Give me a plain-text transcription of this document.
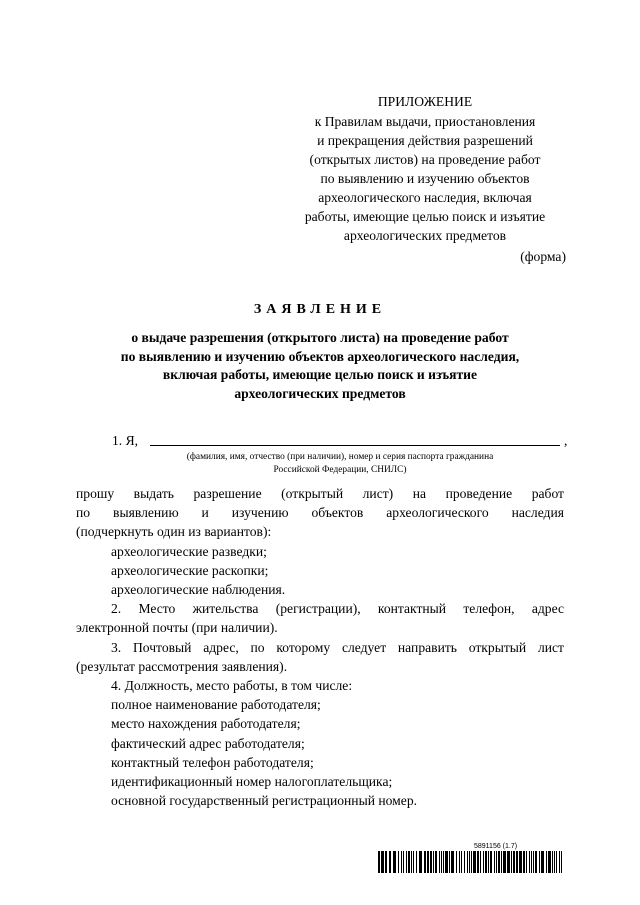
ПРИЛОЖЕНИЕ
к Правилам выдачи, приостановления
и прекращения действия разрешений
(открытых листов) на проведение работ
по выявлению и изучению объектов
археологического наследия, включая
работы, имеющие целью поиск и изъятие
археологических предметов
(форма)
ЗАЯВЛЕНИЕ
о выдаче разрешения (открытого листа) на проведение работ
по выявлению и изучению объектов археологического наследия,
включая работы, имеющие целью поиск и изъятие
археологических предметов
1. Я,	,
(фамилия, имя, отчество (при наличии), номер и серия паспорта гражданина
Российской Федерации, СНИЛС)
прошу выдать разрешение (открытый лист) на проведение работ
по выявлению и изучению объектов археологического наследия
(подчеркнуть один из вариантов):
археологические разведки;
археологические раскопки;
археологические наблюдения.
2. Место жительства (регистрации), контактный телефон, адрес
электронной почты (при наличии).
3. Почтовый адрес, по которому следует направить открытый лист
(результат рассмотрения заявления).
4. Должность, место работы, в том числе:
полное наименование работодателя;
место нахождения работодателя;
фактический адрес работодателя;
контактный телефон работодателя;
идентификационный номер налогоплательщика;
основной государственный регистрационный номер.
5891156 (1.7)
